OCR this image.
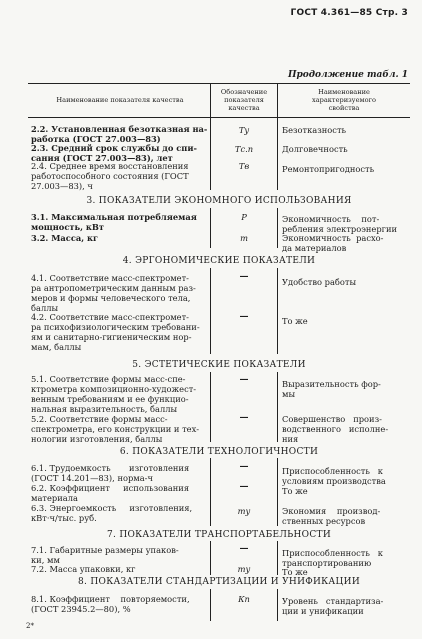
ГОСТ 4.361—85 Стр. 3
Продолжение табл. 1
Наименование показателя качества
Обозначение
показателя
качества
Наименование
характеризуемого
свойства
2.2. Установленная безотказная на-
работка (ГОСТ 27.003—83)
Ту	Безотказность
2.3. Средний срок службы до спи-
сания (ГОСТ 27.003—83), лет
Тс.п	Долговечность
2.4. Среднее время восстановления
работоспособного состояния (ГОСТ
27.003—83), ч
Тв	Ремонтопригодность
3. ПОКАЗАТЕЛИ ЭКОНОМНОГО ИСПОЛЬЗОВАНИЯ
3.1. Максимальная потребляемая
мощность, кВт
Р	Экономичность    пот-
ребления электроэнергии
3.2. Масса, кг	m	Экономичность  расхо-
да материалов
4. ЭРГОНОМИЧЕСКИЕ ПОКАЗАТЕЛИ
4.1. Соответствие масс-спектромет-
ра антропометрическим данным раз-
меров и формы человеческого тела,
баллы
—	Удобство работы
4.2. Соответствие масс-спектромет-
ра психофизиологическим требовани-
ям и санитарно-гигиеническим нор-
мам, баллы
—	То же
5. ЭСТЕТИЧЕСКИЕ ПОКАЗАТЕЛИ
5.1. Соответствие формы масс-спе-
ктрометра композиционно-художест-
венным требованиям и ее функцио-
нальная выразительность, баллы
—	Выразительность фор-
мы
5.2. Соответствие формы масс-
спектрометра, его конструкции и тех-
нологии изготовления, баллы
—	Совершенство   произ-
водственного   исполне-
ния
6. ПОКАЗАТЕЛИ ТЕХНОЛОГИЧНОСТИ
6.1. Трудоемкость       изготовления
(ГОСТ 14.201—83), норма-ч
—	Приспособленность   к
условиям производства
6.2. Коэффициент     использования
материала
—	То же
6.3. Энергоемкость     изготовления,
кВт·ч/тыс. руб.
mу	Экономия    производ-
ственных ресурсов
7. ПОКАЗАТЕЛИ ТРАНСПОРТАБЕЛЬНОСТИ
7.1. Габаритные размеры упаков-
ки, мм
—	Приспособленность   к
транспортированию
7.2. Масса упаковки, кг	mу	То же
8. ПОКАЗАТЕЛИ СТАНДАРТИЗАЦИИ И УНИФИКАЦИИ
8.1. Коэффициент    повторяемости,
(ГОСТ 23945.2—80), %
Кп	Уровень   стандартиза-
ции и унификации
2*
